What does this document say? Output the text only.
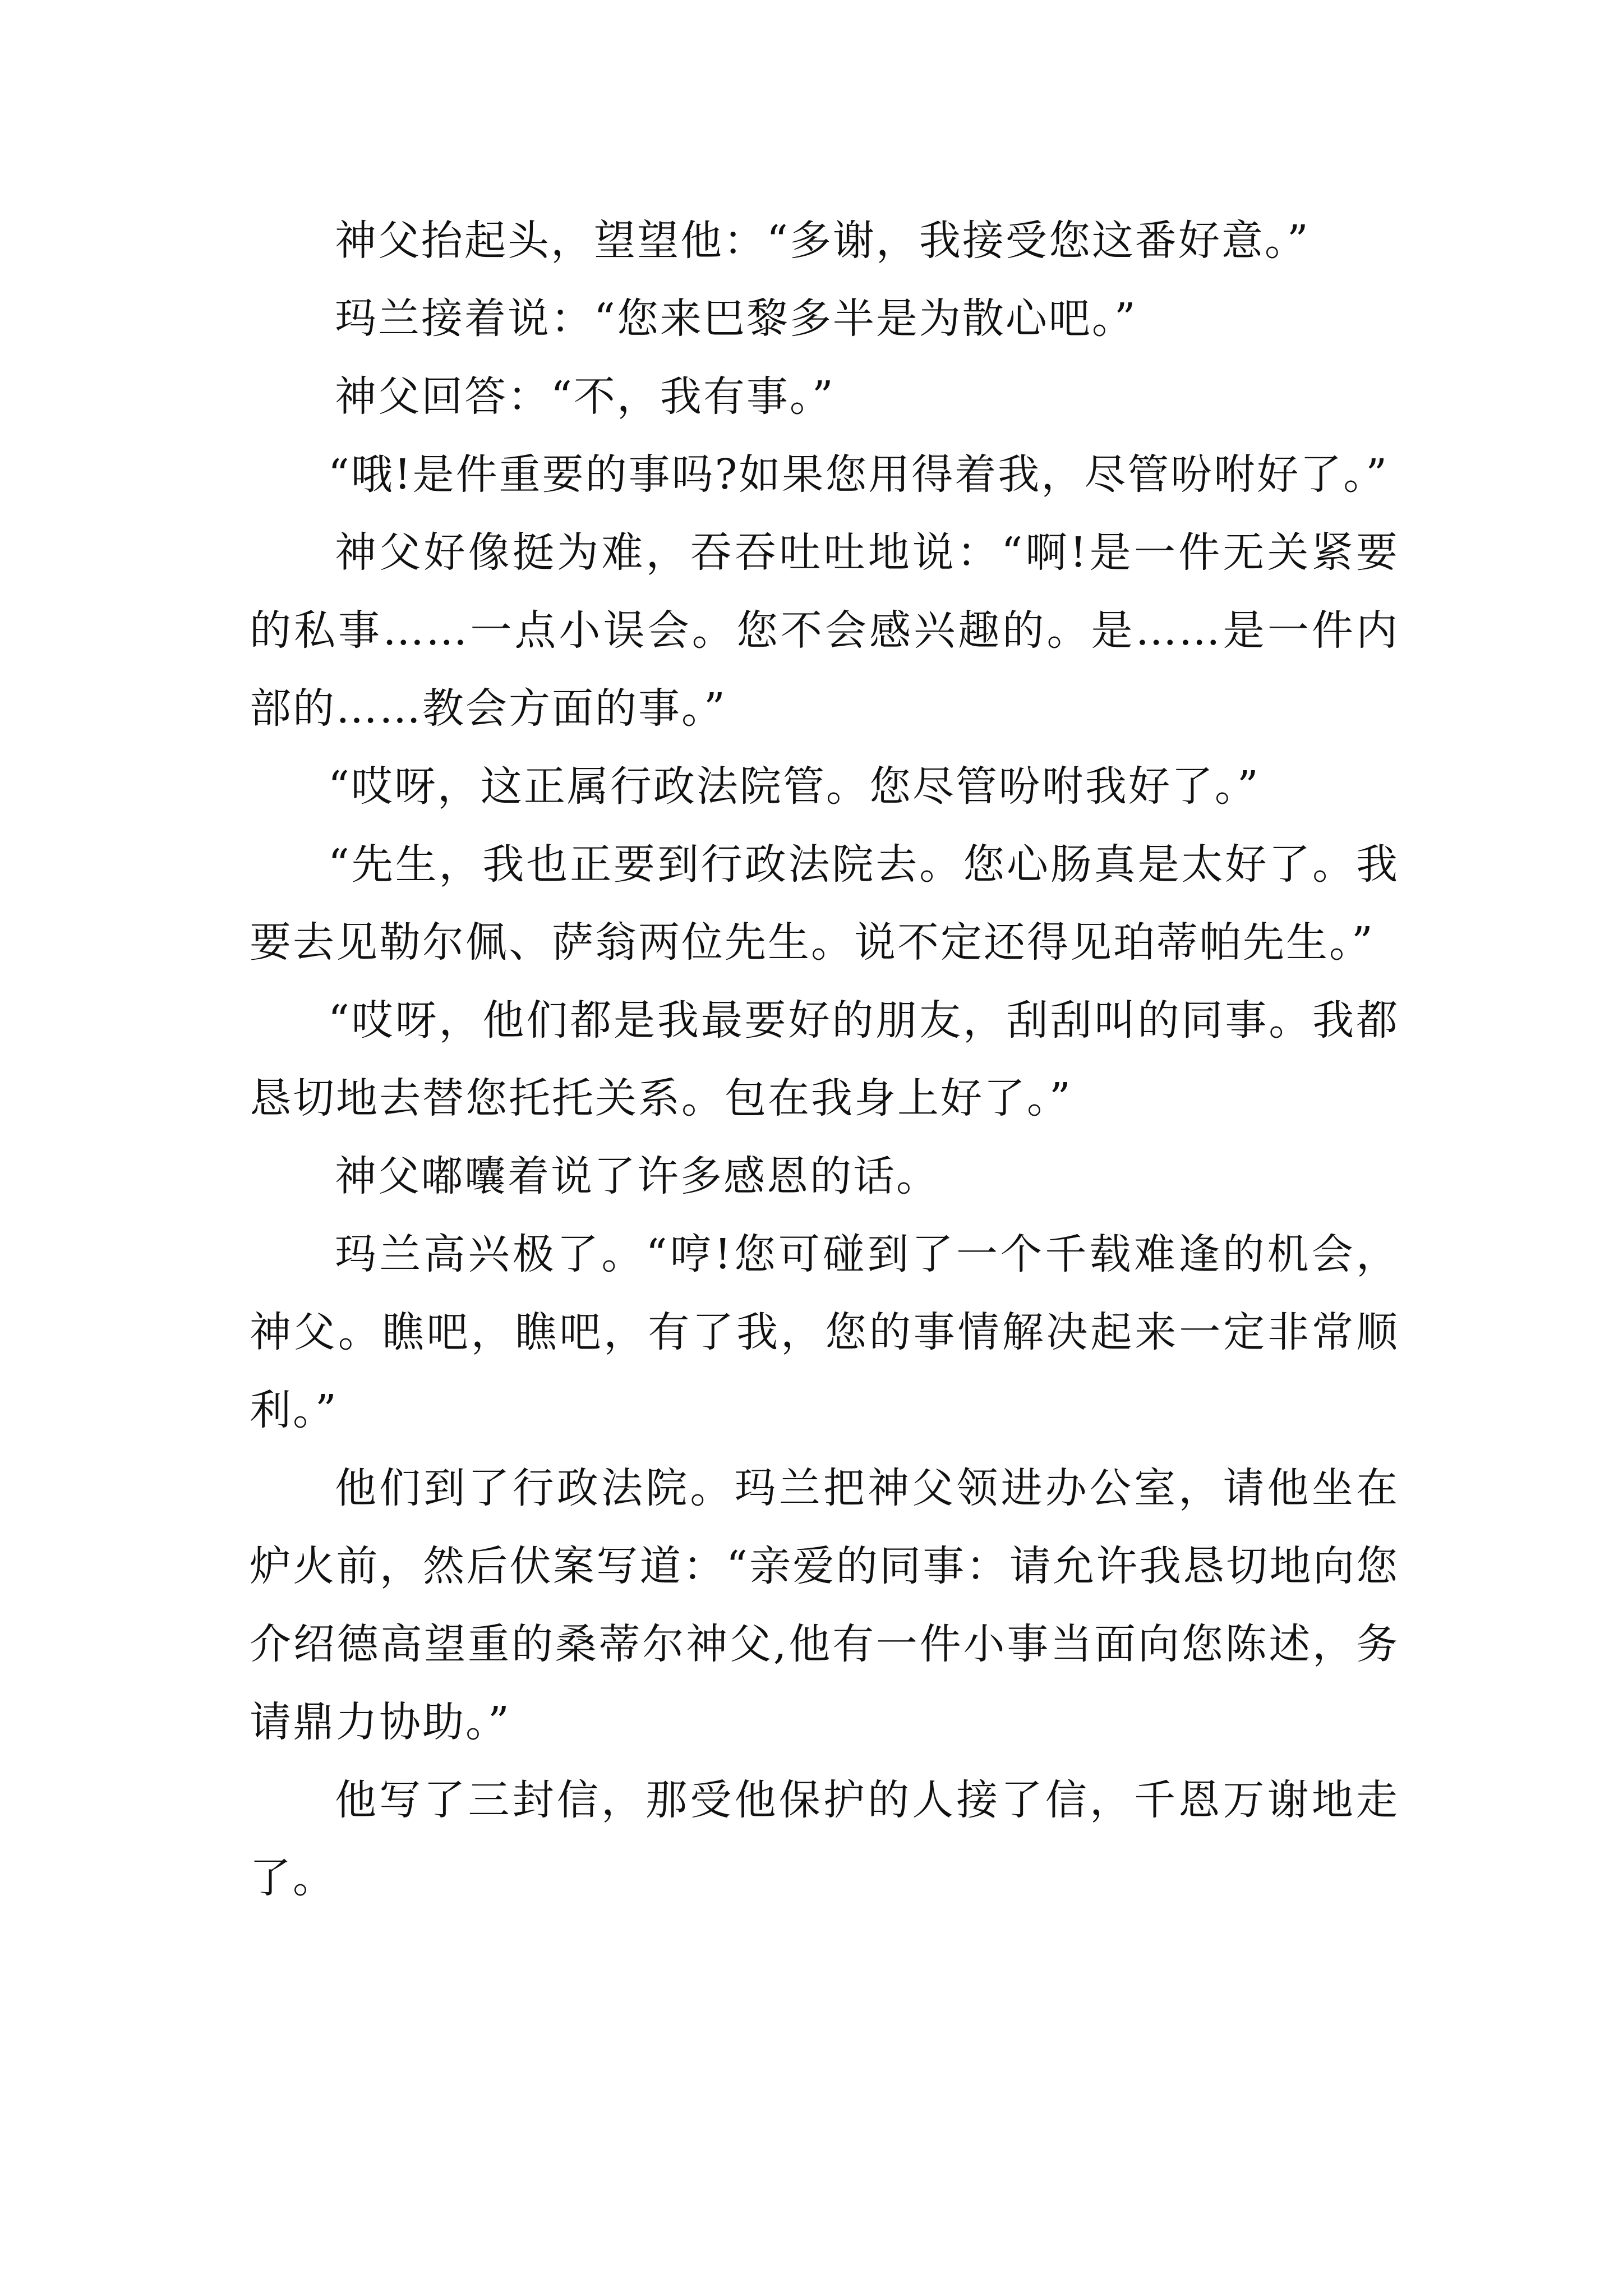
神父抬起头，望望他：“多谢，我接受您这番好意。”

玛兰接着说：“您来巴黎多半是为散心吧。”

神父回答：“不，我有事。”

“哦!是件重要的事吗?如果您用得着我，尽管吩咐好了。”

神父好像挺为难，吞吞吐吐地说：“啊!是一件无关紧要的私事……一点小误会。您不会感兴趣的。是……是一件内部的……教会方面的事。”

“哎呀，这正属行政法院管。您尽管吩咐我好了。”

“先生，我也正要到行政法院去。您心肠真是太好了。我要去见勒尔佩、萨翁两位先生。说不定还得见珀蒂帕先生。”

“哎呀，他们都是我最要好的朋友，刮刮叫的同事。我都恳切地去替您托托关系。包在我身上好了。”

神父嘟囔着说了许多感恩的话。

玛兰高兴极了。“哼!您可碰到了一个千载难逢的机会，神父。瞧吧，瞧吧，有了我，您的事情解决起来一定非常顺利。”

他们到了行政法院。玛兰把神父领进办公室，请他坐在炉火前，然后伏案写道：“亲爱的同事：请允许我恳切地向您介绍德高望重的桑蒂尔神父,他有一件小事当面向您陈述，务请鼎力协助。”

他写了三封信，那受他保护的人接了信，千恩万谢地走了。
